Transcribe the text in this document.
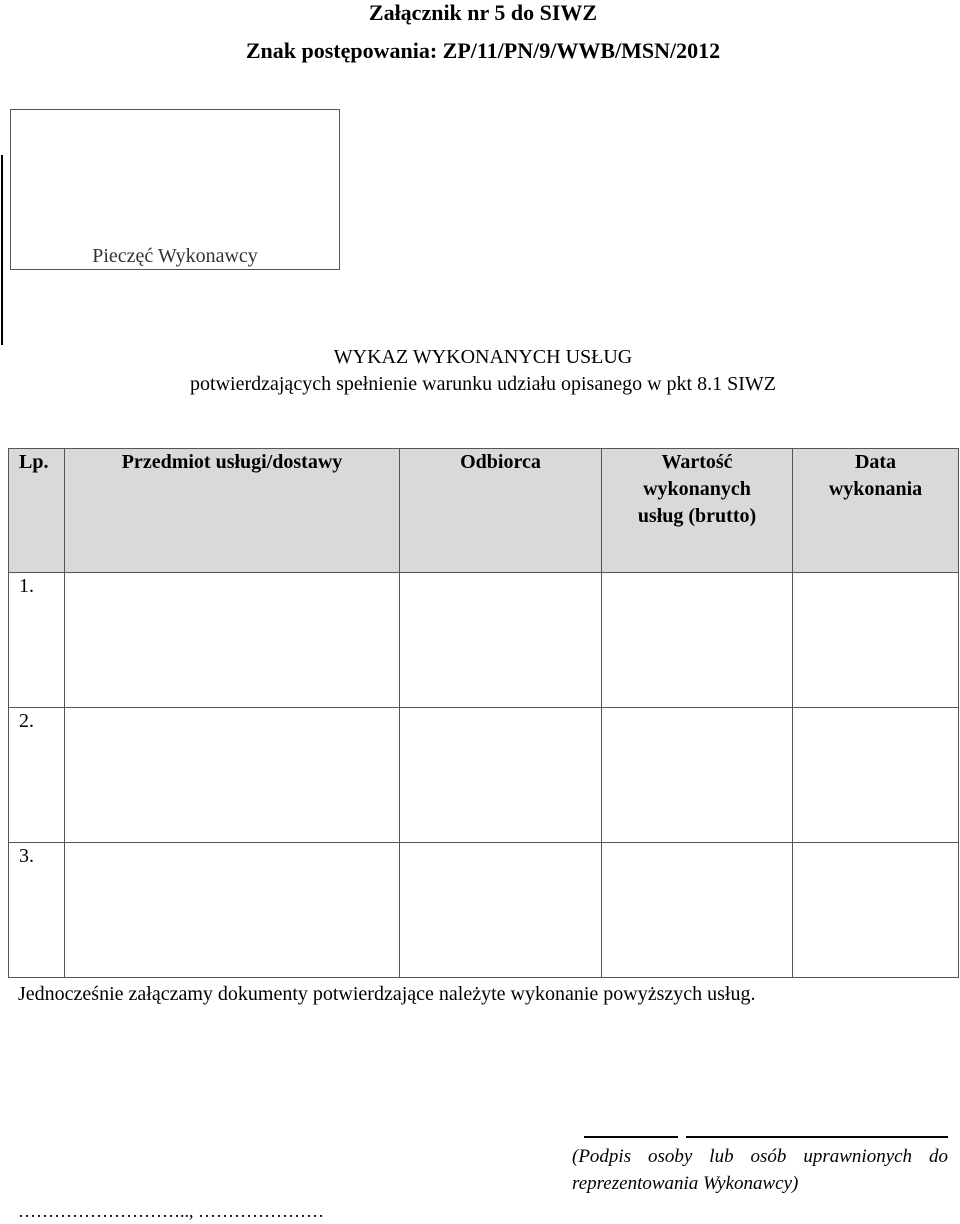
Załącznik nr 5 do SIWZ
Znak postępowania: ZP/11/PN/9/WWB/MSN/2012
Pieczęć Wykonawcy
WYKAZ WYKONANYCH USŁUG
potwierdzających spełnienie warunku udziału opisanego w pkt 8.1 SIWZ
Lp.	Przedmiot usługi/dostawy	Odbiorca	Wartość wykonanych usług (brutto)	Data wykonania
1.				
2.				
3.				
Jednocześnie załączamy dokumenty potwierdzające należyte wykonanie powyższych usług.
(Podpis osoby lub osób uprawnionych do reprezentowania Wykonawcy)
……………………….., …………………
